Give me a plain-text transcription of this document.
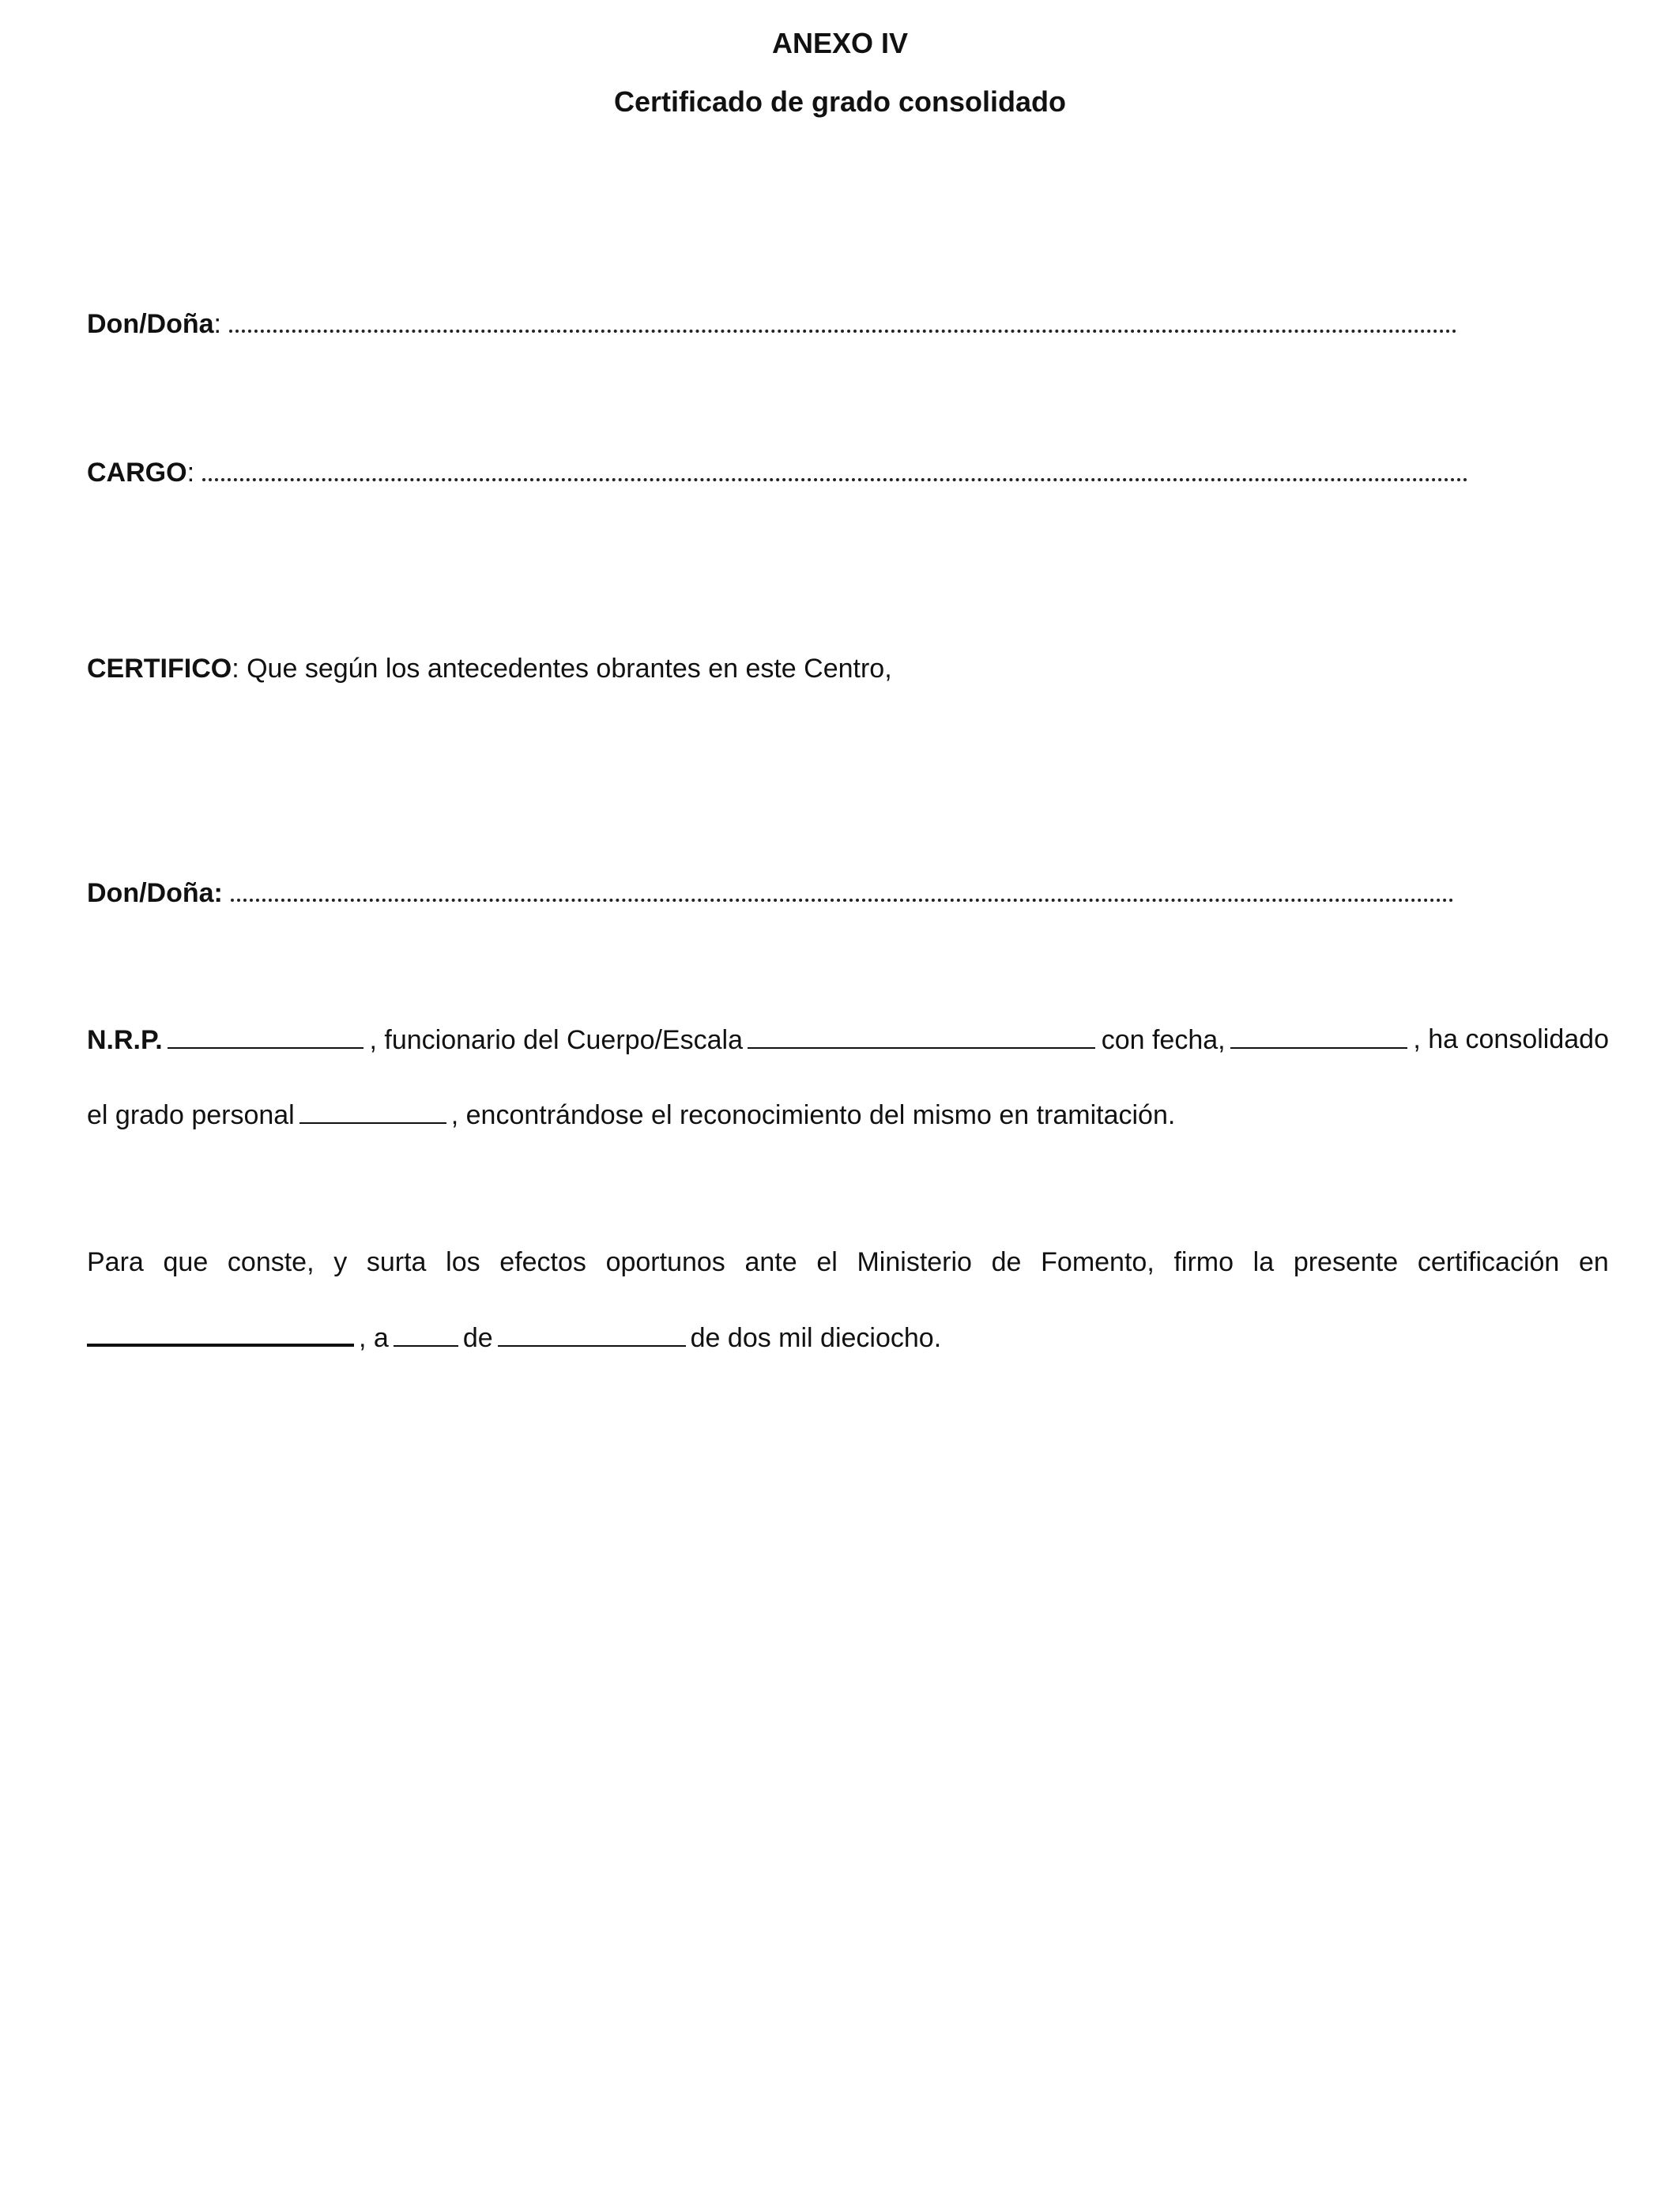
ANEXO IV
Certificado de grado consolidado
Don/Doña:
CARGO:
CERTIFICO: Que según los antecedentes obrantes en este Centro,
Don/Doña:
N.R.P.	, funcionario del Cuerpo/Escala	con fecha,	, ha consolidado
el grado personal	, encontrándose el reconocimiento del mismo en tramitación.
Para que conste, y surta los efectos oportunos ante el Ministerio de Fomento, firmo la presente certificación en
, a	de	de dos mil dieciocho.
